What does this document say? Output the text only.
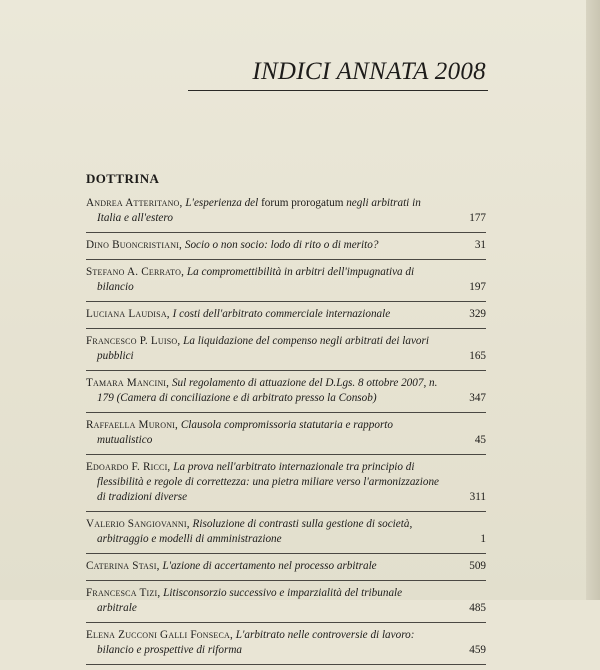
INDICI ANNATA 2008
DOTTRINA
Andrea Atteritano, L'esperienza del forum prorogatum negli arbitrati in Italia e all'estero	177
Dino Buoncristiani, Socio o non socio: lodo di rito o di merito?	31
Stefano A. Cerrato, La compromettibilità in arbitri dell'impugnativa di bilancio	197
Luciana Laudisa, I costi dell'arbitrato commerciale internazionale	329
Francesco P. Luiso, La liquidazione del compenso negli arbitrati dei lavori pubblici	165
Tamara Mancini, Sul regolamento di attuazione del D.Lgs. 8 ottobre 2007, n. 179 (Camera di conciliazione e di arbitrato presso la Consob)	347
Raffaella Muroni, Clausola compromissoria statutaria e rapporto mutualistico	45
Edoardo F. Ricci, La prova nell'arbitrato internazionale tra principio di flessibilità e regole di correttezza: una pietra miliare verso l'armonizzazione di tradizioni diverse	311
Valerio Sangiovanni, Risoluzione di contrasti sulla gestione di società, arbitraggio e modelli di amministrazione	1
Caterina Stasi, L'azione di accertamento nel processo arbitrale	509
Francesca Tizi, Litisconsorzio successivo e imparzialità del tribunale arbitrale	485
Elena Zucconi Galli Fonseca, L'arbitrato nelle controversie di lavoro: bilancio e prospettive di riforma	459
